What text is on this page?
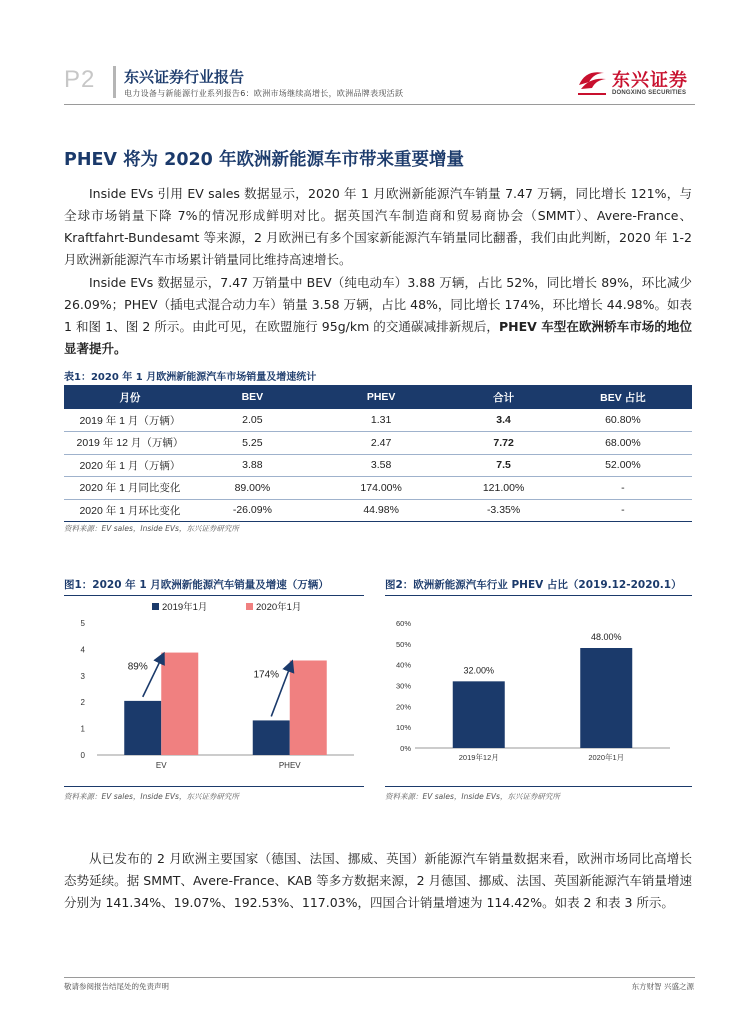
P2 东兴证券行业报告
电力设备与新能源行业系列报告6：欧洲市场继续高增长，欧洲品牌表现活跃
东兴证券
DONGXING SECURITIES
PHEV 将为 2020 年欧洲新能源车市带来重要增量

Inside EVs 引用 EV sales 数据显示，2020 年 1 月欧洲新能源汽车销量 7.47 万辆，同比增长 121%，与全球市场销量下降 7%的情况形成鲜明对比。据英国汽车制造商和贸易商协会（SMMT）、Avere-France、Kraftfahrt-Bundesamt 等来源，2 月欧洲已有多个国家新能源汽车销量同比翻番，我们由此判断，2020 年 1-2 月欧洲新能源汽车市场累计销量同比维持高速增长。

Inside EVs 数据显示，7.47 万销量中 BEV（纯电动车）3.88 万辆，占比 52%，同比增长 89%，环比减少 26.09%；PHEV（插电式混合动力车）销量 3.58 万辆，占比 48%，同比增长 174%，环比增长 44.98%。如表 1 和图 1、图 2 所示。由此可见，在欧盟施行 95g/km 的交通碳减排新规后，PHEV 车型在欧洲轿车市场的地位显著提升。

表1：2020 年 1 月欧洲新能源汽车市场销量及增速统计
月份	BEV	PHEV	合计	BEV 占比
2019 年 1 月（万辆）	2.05	1.31	3.4	60.80%
2019 年 12 月（万辆）	5.25	2.47	7.72	68.00%
2020 年 1 月（万辆）	3.88	3.58	7.5	52.00%
2020 年 1 月同比变化	89.00%	174.00%	121.00%	-
2020 年 1 月环比变化	-26.09%	44.98%	-3.35%	-
资料来源：EV sales，Inside EVs，东兴证券研究所
图1：2020 年 1 月欧洲新能源汽车销量及增速（万辆）
0
1
2
3
4
5
EV
89%
PHEV
174%
2019年1月	2020年1月
资料来源：EV sales，Inside EVs，东兴证券研究所
图2：欧洲新能源汽车行业 PHEV 占比（2019.12-2020.1）
0%
10%
20%
30%
40%
50%
60%
32.00%
2019年12月
48.00%
2020年1月
资料来源：EV sales，Inside EVs，东兴证券研究所

从已发布的 2 月欧洲主要国家（德国、法国、挪威、英国）新能源汽车销量数据来看，欧洲市场同比高增长态势延续。据 SMMT、Avere-France、KAB 等多方数据来源，2 月德国、挪威、法国、英国新能源汽车销量增速分别为 141.34%、19.07%、192.53%、117.03%，四国合计销量增速为 114.42%。如表 2 和表 3 所示。

敬请参阅报告结尾处的免责声明	东方财智 兴盛之源
